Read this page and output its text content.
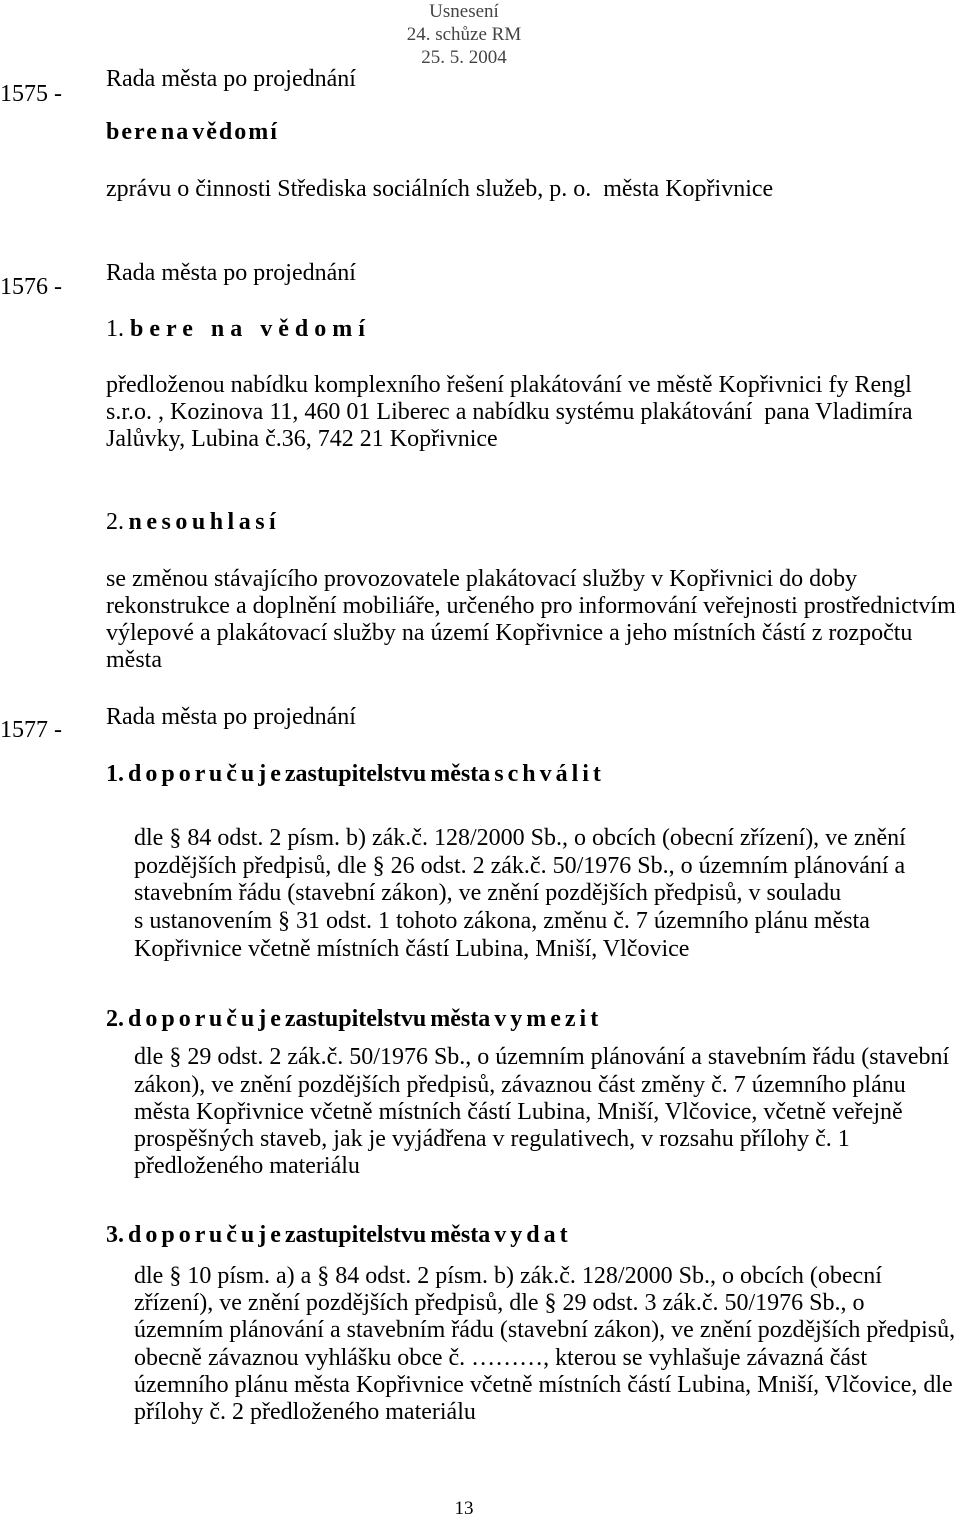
Usnesení
24. schůze RM
25. 5. 2004
1575 -
Rada města po projednání
b e r e  n a  v ě d o m í
zprávu o činnosti Střediska sociálních služeb, p. o.  města Kopřivnice
1576 -
Rada města po projednání
1. b e r e   n a   v ě d o m í
předloženou nabídku komplexního řešení plakátování ve městě Kopřivnici fy Rengl
s.r.o. , Kozinova 11, 460 01 Liberec a nabídku systému plakátování  pana Vladimíra
Jalůvky, Lubina č.36, 742 21 Kopřivnice
2. n e s o u h l a s í
se změnou stávajícího provozovatele plakátovací služby v Kopřivnici do doby
rekonstrukce a doplnění mobiliáře, určeného pro informování veřejnosti prostřednictvím
výlepové a plakátovací služby na území Kopřivnice a jeho místních částí z rozpočtu
města
1577 - Rada města po projednání
1. d o p o r u č u j e zastupitelstvu města s c h v á l i t
dle § 84 odst. 2 písm. b) zák.č. 128/2000 Sb., o obcích (obecní zřízení), ve znění
pozdějších předpisů, dle § 26 odst. 2 zák.č. 50/1976 Sb., o územním plánování a
stavebním řádu (stavební zákon), ve znění pozdějších předpisů, v souladu
s ustanovením § 31 odst. 1 tohoto zákona, změnu č. 7 územního plánu města
Kopřivnice včetně místních částí Lubina, Mniší, Vlčovice
2. d o p o r u č u j e zastupitelstvu města v y m e z i t
dle § 29 odst. 2 zák.č. 50/1976 Sb., o územním plánování a stavebním řádu (stavební
zákon), ve znění pozdějších předpisů, závaznou část změny č. 7 územního plánu
města Kopřivnice včetně místních částí Lubina, Mniší, Vlčovice, včetně veřejně
prospěšných staveb, jak je vyjádřena v regulativech, v rozsahu přílohy č. 1
předloženého materiálu
3. d o p o r u č u j e zastupitelstvu města v y d a t
dle § 10 písm. a) a § 84 odst. 2 písm. b) zák.č. 128/2000 Sb., o obcích (obecní
zřízení), ve znění pozdějších předpisů, dle § 29 odst. 3 zák.č. 50/1976 Sb., o
územním plánování a stavebním řádu (stavební zákon), ve znění pozdějších předpisů,
obecně závaznou vyhlášku obce č. ………, kterou se vyhlašuje závazná část
územního plánu města Kopřivnice včetně místních částí Lubina, Mniší, Vlčovice, dle
přílohy č. 2 předloženého materiálu
13
